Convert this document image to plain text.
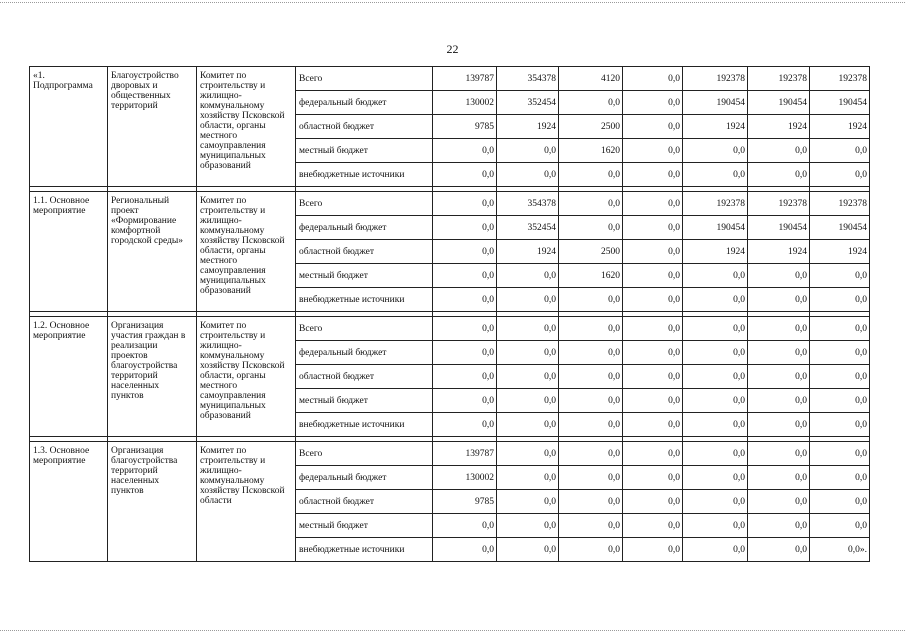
22
«1. Подпрограмма	Благоустройство дворовых и общественных территорий	Комитет по строительству и жилищно-коммунальному хозяйству Псковской области, органы местного самоуправления муниципальных образований	Всего	139787	354378	4120	0,0	192378	192378	192378
			федеральный бюджет	130002	352454	0,0	0,0	190454	190454	190454
			областной бюджет	9785	1924	2500	0,0	1924	1924	1924
			местный бюджет	0,0	0,0	1620	0,0	0,0	0,0	0,0
			внебюджетные источники	0,0	0,0	0,0	0,0	0,0	0,0	0,0

1.1. Основное мероприятие	Региональный проект «Формирование комфортной городской среды»	Комитет по строительству и жилищно-коммунальному хозяйству Псковской области, органы местного самоуправления муниципальных образований	Всего	0,0	354378	0,0	0,0	192378	192378	192378
			федеральный бюджет	0,0	352454	0,0	0,0	190454	190454	190454
			областной бюджет	0,0	1924	2500	0,0	1924	1924	1924
			местный бюджет	0,0	0,0	1620	0,0	0,0	0,0	0,0
			внебюджетные источники	0,0	0,0	0,0	0,0	0,0	0,0	0,0

1.2. Основное мероприятие	Организация участия граждан в реализации проектов благоустройства территорий населенных пунктов	Комитет по строительству и жилищно-коммунальному хозяйству Псковской области, органы местного самоуправления муниципальных образований	Всего	0,0	0,0	0,0	0,0	0,0	0,0	0,0
			федеральный бюджет	0,0	0,0	0,0	0,0	0,0	0,0	0,0
			областной бюджет	0,0	0,0	0,0	0,0	0,0	0,0	0,0
			местный бюджет	0,0	0,0	0,0	0,0	0,0	0,0	0,0
			внебюджетные источники	0,0	0,0	0,0	0,0	0,0	0,0	0,0

1.3. Основное мероприятие	Организация благоустройства территорий населенных пунктов	Комитет по строительству и жилищно-коммунальному хозяйству Псковской области	Всего	139787	0,0	0,0	0,0	0,0	0,0	0,0
			федеральный бюджет	130002	0,0	0,0	0,0	0,0	0,0	0,0
			областной бюджет	9785	0,0	0,0	0,0	0,0	0,0	0,0
			местный бюджет	0,0	0,0	0,0	0,0	0,0	0,0	0,0
			внебюджетные источники	0,0	0,0	0,0	0,0	0,0	0,0	0,0».
